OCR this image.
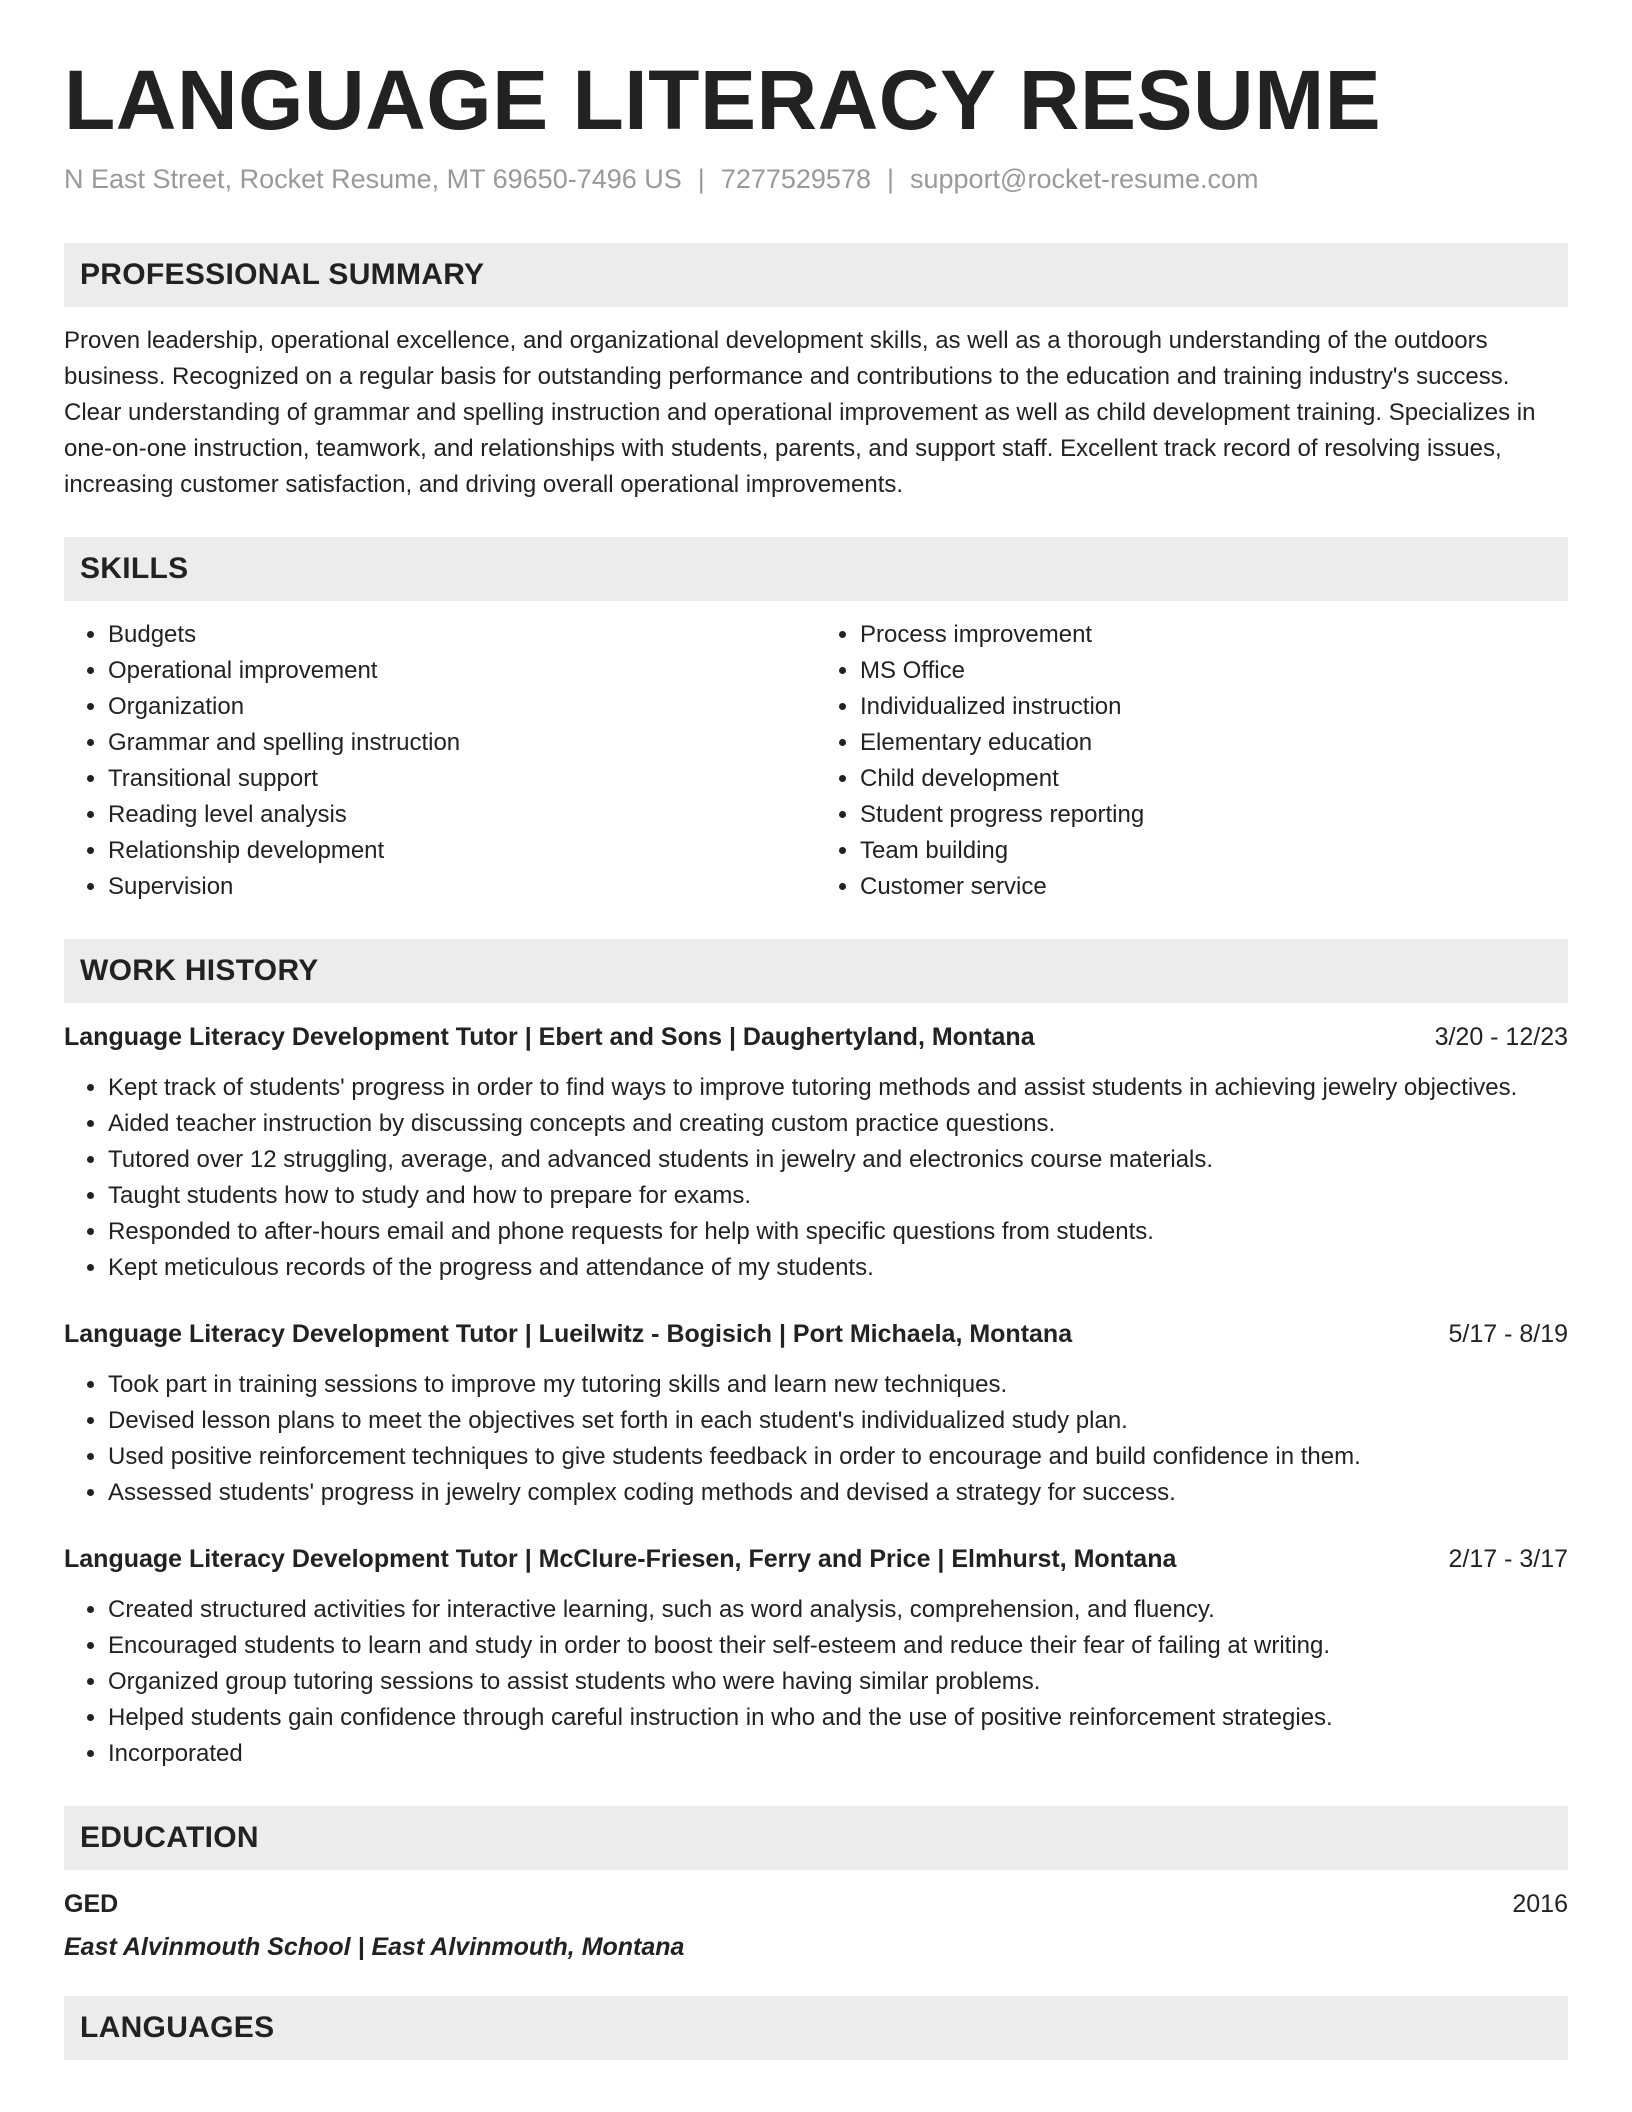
LANGUAGE LITERACY RESUME
N East Street, Rocket Resume, MT 69650-7496 US | 7277529578 | support@rocket-resume.com
PROFESSIONAL SUMMARY

Proven leadership, operational excellence, and organizational development skills, as well as a thorough understanding of the outdoors business. Recognized on a regular basis for outstanding performance and contributions to the education and training industry's success. Clear understanding of grammar and spelling instruction and operational improvement as well as child development training. Specializes in one-on-one instruction, teamwork, and relationships with students, parents, and support staff. Excellent track record of resolving issues, increasing customer satisfaction, and driving overall operational improvements.

SKILLS
• Budgets
• Operational improvement
• Organization
• Grammar and spelling instruction
• Transitional support
• Reading level analysis
• Relationship development
• Supervision
• Process improvement
• MS Office
• Individualized instruction
• Elementary education
• Child development
• Student progress reporting
• Team building
• Customer service
WORK HISTORY
Language Literacy Development Tutor | Ebert and Sons | Daughertyland, Montana	3/20 - 12/23
• Kept track of students' progress in order to find ways to improve tutoring methods and assist students in achieving jewelry objectives.
• Aided teacher instruction by discussing concepts and creating custom practice questions.
• Tutored over 12 struggling, average, and advanced students in jewelry and electronics course materials.
• Taught students how to study and how to prepare for exams.
• Responded to after-hours email and phone requests for help with specific questions from students.
• Kept meticulous records of the progress and attendance of my students.
Language Literacy Development Tutor | Lueilwitz - Bogisich | Port Michaela, Montana	5/17 - 8/19
• Took part in training sessions to improve my tutoring skills and learn new techniques.
• Devised lesson plans to meet the objectives set forth in each student's individualized study plan.
• Used positive reinforcement techniques to give students feedback in order to encourage and build confidence in them.
• Assessed students' progress in jewelry complex coding methods and devised a strategy for success.
Language Literacy Development Tutor | McClure-Friesen, Ferry and Price | Elmhurst, Montana	2/17 - 3/17
• Created structured activities for interactive learning, such as word analysis, comprehension, and fluency.
• Encouraged students to learn and study in order to boost their self-esteem and reduce their fear of failing at writing.
• Organized group tutoring sessions to assist students who were having similar problems.
• Helped students gain confidence through careful instruction in who and the use of positive reinforcement strategies.
• Incorporated
EDUCATION
GED	2016
East Alvinmouth School | East Alvinmouth, Montana
LANGUAGES
